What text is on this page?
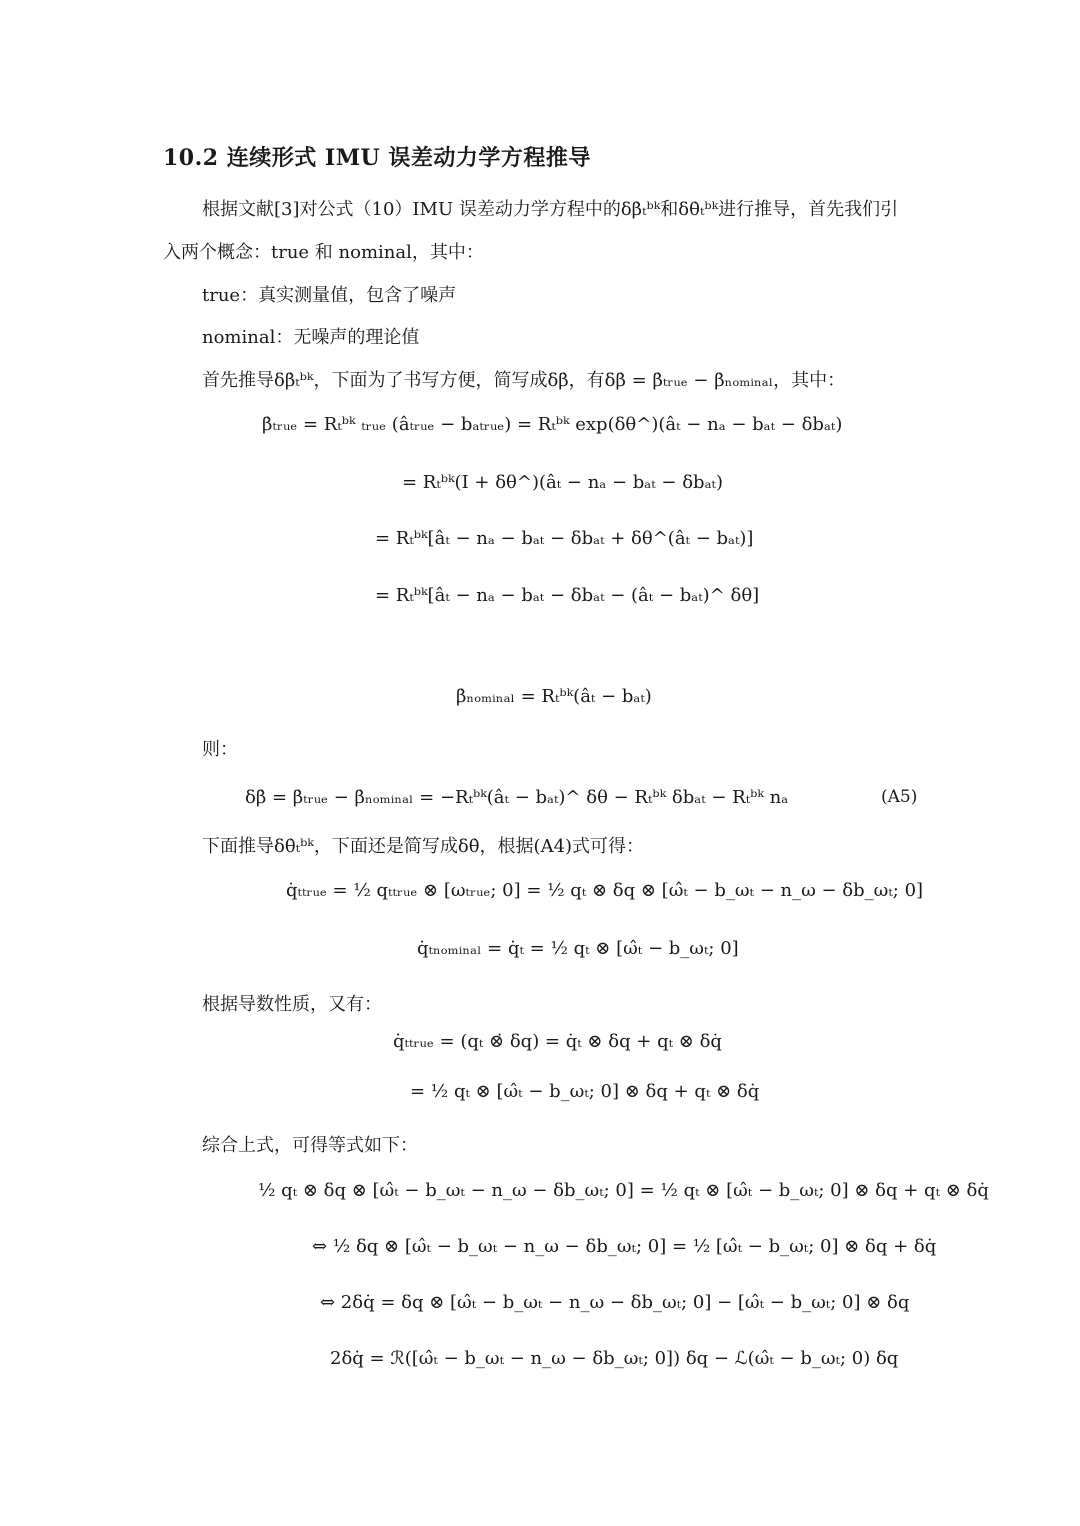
10.2 连续形式 IMU 误差动力学方程推导
根据文献[3]对公式（10）IMU 误差动力学方程中的δβ̇ₜᵇᵏ和δθ̇ₜᵇᵏ进行推导，首先我们引
入两个概念：true 和 nominal，其中：
true：真实测量值，包含了噪声
nominal：无噪声的理论值
首先推导δβ̇ₜᵇᵏ，下面为了书写方便，简写成δβ̇，有δβ̇ = β̇ₜᵣᵤₑ − β̇ₙₒₘᵢₙₐₗ，其中：
β̇ₜᵣᵤₑ = Rₜᵇᵏ ₜᵣᵤₑ (âₜᵣᵤₑ − bₐₜᵣᵤₑ) = Rₜᵇᵏ exp(δθ^)(âₜ − nₐ − bₐₜ − δbₐₜ)
= Rₜᵇᵏ(I + δθ^)(âₜ − nₐ − bₐₜ − δbₐₜ)
= Rₜᵇᵏ[âₜ − nₐ − bₐₜ − δbₐₜ + δθ^(âₜ − bₐₜ)]
= Rₜᵇᵏ[âₜ − nₐ − bₐₜ − δbₐₜ − (âₜ − bₐₜ)^ δθ]
β̇ₙₒₘᵢₙₐₗ = Rₜᵇᵏ(âₜ − bₐₜ)
则：
δβ̇ = β̇ₜᵣᵤₑ − β̇ₙₒₘᵢₙₐₗ = −Rₜᵇᵏ(âₜ − bₐₜ)^ δθ − Rₜᵇᵏ δbₐₜ − Rₜᵇᵏ nₐ	(A5)
下面推导δθ̇ₜᵇᵏ，下面还是简写成δθ̇，根据(A4)式可得：
q̇ₜₜᵣᵤₑ = ½ qₜₜᵣᵤₑ ⊗ [ωₜᵣᵤₑ; 0] = ½ qₜ ⊗ δq ⊗ [ω̂ₜ − b_ωₜ − n_ω − δb_ωₜ; 0]
q̇ₜₙₒₘᵢₙₐₗ = q̇ₜ = ½ qₜ ⊗ [ω̂ₜ − b_ωₜ; 0]
根据导数性质，又有：
q̇ₜₜᵣᵤₑ = (qₜ ⊗̇ δq) = q̇ₜ ⊗ δq + qₜ ⊗ δq̇
= ½ qₜ ⊗ [ω̂ₜ − b_ωₜ; 0] ⊗ δq + qₜ ⊗ δq̇
综合上式，可得等式如下：
½ qₜ ⊗ δq ⊗ [ω̂ₜ − b_ωₜ − n_ω − δb_ωₜ; 0] = ½ qₜ ⊗ [ω̂ₜ − b_ωₜ; 0] ⊗ δq + qₜ ⊗ δq̇
⇔ ½ δq ⊗ [ω̂ₜ − b_ωₜ − n_ω − δb_ωₜ; 0] = ½ [ω̂ₜ − b_ωₜ; 0] ⊗ δq + δq̇
⇔ 2δq̇ = δq ⊗ [ω̂ₜ − b_ωₜ − n_ω − δb_ωₜ; 0] − [ω̂ₜ − b_ωₜ; 0] ⊗ δq
2δq̇ = ℛ([ω̂ₜ − b_ωₜ − n_ω − δb_ωₜ; 0]) δq − ℒ(ω̂ₜ − b_ωₜ; 0) δq
